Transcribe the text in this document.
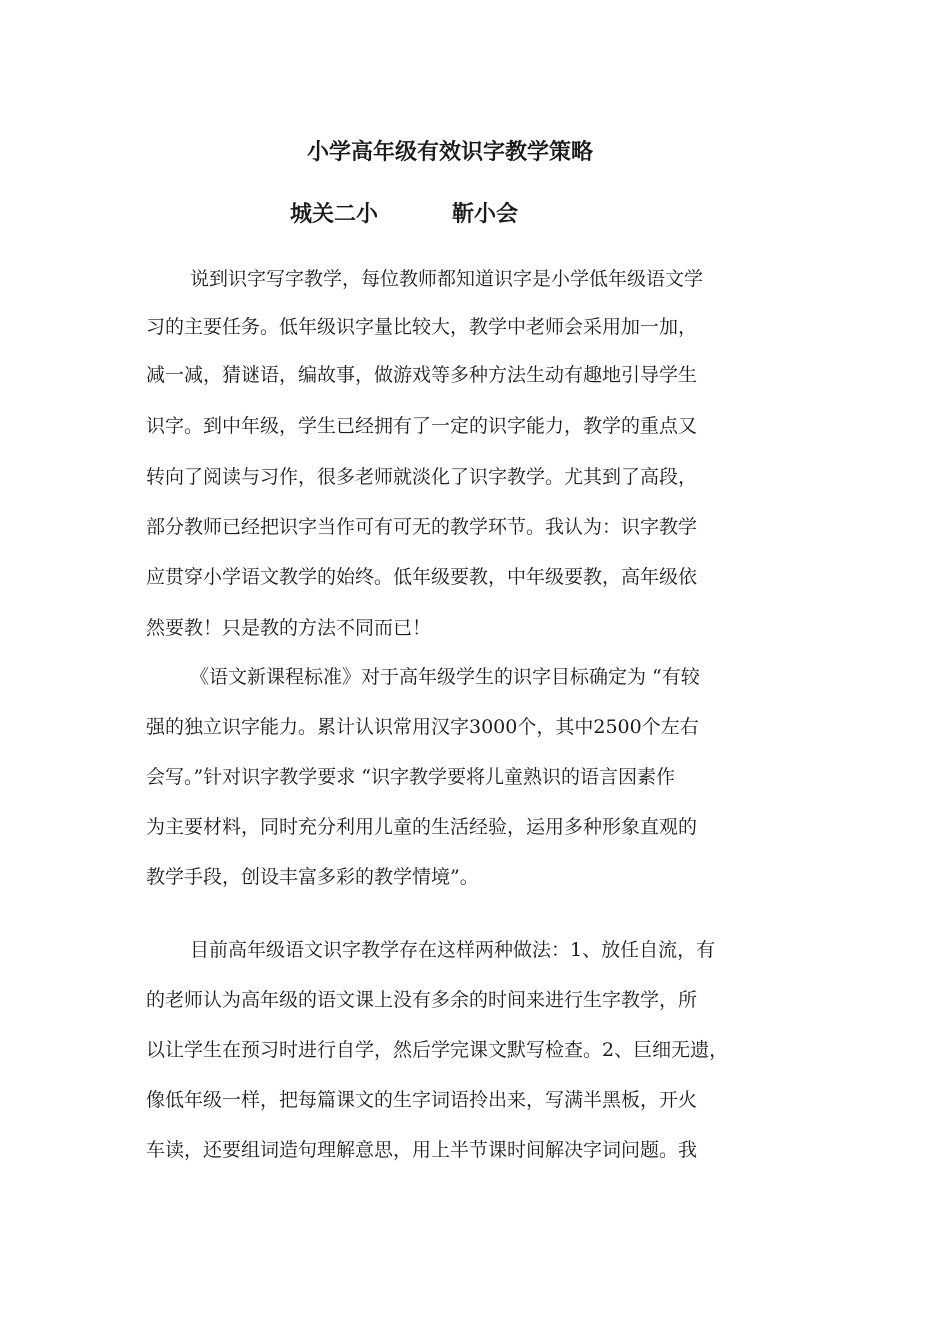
小学高年级有效识字教学策略
城关二小	靳小会
说到识字写字教学，每位教师都知道识字是小学低年级语文学
习的主要任务。低年级识字量比较大，教学中老师会采用加一加，
减一减，猜谜语，编故事，做游戏等多种方法生动有趣地引导学生
识字。到中年级，学生已经拥有了一定的识字能力，教学的重点又
转向了阅读与习作，很多老师就淡化了识字教学。尤其到了高段，
部分教师已经把识字当作可有可无的教学环节。我认为：识字教学
应贯穿小学语文教学的始终。低年级要教，中年级要教，高年级依
然要教！只是教的方法不同而已！
《语文新课程标准》对于高年级学生的识字目标确定为 “有较
强的独立识字能力。累计认识常用汉字3000个，其中2500个左右
会写。”针对识字教学要求 “识字教学要将儿童熟识的语言因素作
为主要材料，同时充分利用儿童的生活经验，运用多种形象直观的
教学手段，创设丰富多彩的教学情境”。
目前高年级语文识字教学存在这样两种做法：1、放任自流，有
的老师认为高年级的语文课上没有多余的时间来进行生字教学，所
以让学生在预习时进行自学，然后学完课文默写检查。2、巨细无遗，
像低年级一样，把每篇课文的生字词语拎出来，写满半黑板，开火
车读，还要组词造句理解意思，用上半节课时间解决字词问题。我
